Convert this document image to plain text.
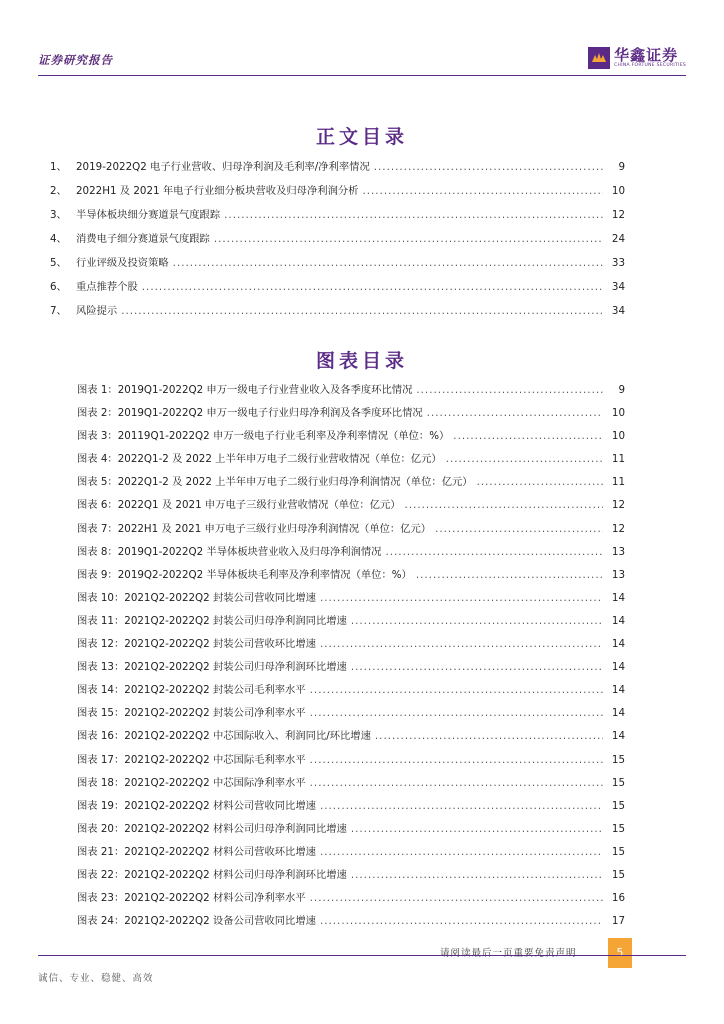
证券研究报告	华鑫证券
CHINA FORTUNE SECURITIES
正文目录
1、 2019-2022Q2 电子行业营收、归母净利润及毛利率/净利率情况 .....	9
2、 2022H1 及 2021 年电子行业细分板块营收及归母净利润分析 .....	10
3、 半导体板块细分赛道景气度跟踪 .....	12
4、 消费电子细分赛道景气度跟踪 .....	24
5、 行业评级及投资策略 .....	33
6、 重点推荐个股 .....	34
7、 风险提示 .....	34
图表目录
图表 1：2019Q1-2022Q2 申万一级电子行业营业收入及各季度环比情况 .....	9
图表 2：2019Q1-2022Q2 申万一级电子行业归母净利润及各季度环比情况 .....	10
图表 3：20119Q1-2022Q2 申万一级电子行业毛利率及净利率情况（单位：%） .....	10
图表 4：2022Q1-2 及 2022 上半年申万电子二级行业营收情况（单位：亿元） .....	11
图表 5：2022Q1-2 及 2022 上半年申万电子二级行业归母净利润情况（单位：亿元） .....	11
图表 6：2022Q1 及 2021 申万电子三级行业营收情况（单位：亿元） .....	12
图表 7：2022H1 及 2021 申万电子三级行业归母净利润情况（单位：亿元） .....	12
图表 8：2019Q1-2022Q2 半导体板块营业收入及归母净利润情况 .....	13
图表 9：2019Q2-2022Q2 半导体板块毛利率及净利率情况（单位：%） .....	13
图表 10：2021Q2-2022Q2 封装公司营收同比增速 .....	14
图表 11：2021Q2-2022Q2 封装公司归母净利润同比增速 .....	14
图表 12：2021Q2-2022Q2 封装公司营收环比增速 .....	14
图表 13：2021Q2-2022Q2 封装公司归母净利润环比增速 .....	14
图表 14：2021Q2-2022Q2 封装公司毛利率水平 .....	14
图表 15：2021Q2-2022Q2 封装公司净利率水平 .....	14
图表 16：2021Q2-2022Q2 中芯国际收入、利润同比/环比增速 .....	14
图表 17：2021Q2-2022Q2 中芯国际毛利率水平 .....	15
图表 18：2021Q2-2022Q2 中芯国际净利率水平 .....	15
图表 19：2021Q2-2022Q2 材料公司营收同比增速 .....	15
图表 20：2021Q2-2022Q2 材料公司归母净利润同比增速 .....	15
图表 21：2021Q2-2022Q2 材料公司营收环比增速 .....	15
图表 22：2021Q2-2022Q2 材料公司归母净利润环比增速 .....	15
图表 23：2021Q2-2022Q2 材料公司净利率水平 .....	16
图表 24：2021Q2-2022Q2 设备公司营收同比增速 .....	17
请阅读最后一页重要免责声明	5
诚信、专业、稳健、高效
